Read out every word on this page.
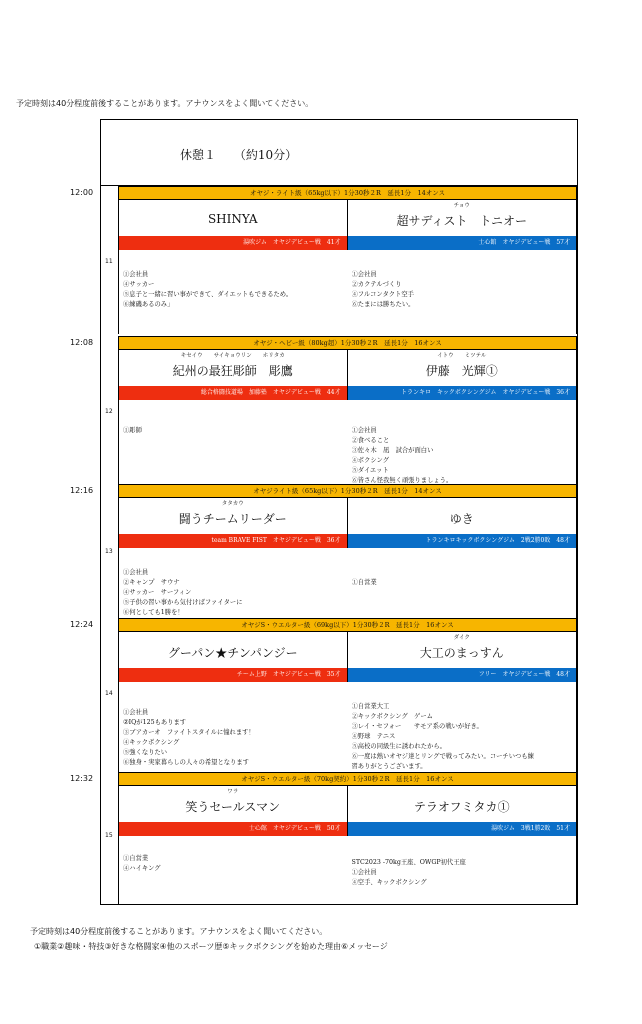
予定時刻は40分程度前後することがあります。アナウンスをよく聞いてください。
休憩１ （約10分）
12:00
11
オヤジ・ライト級（65kg以下）1分30秒２R　延長1分　14オンス
SHINYA
湯吹ジム　オヤジデビュー戦　41才
①会社員
④サッカー
⑤息子と一緒に習い事ができて、ダイエットもできるため。
⑥練磯あるのみ」
チョウ
超サディスト　トニオー
士心館　オヤジデビュー戦　57才
①会社員
②カクテルづくり
④フルコンタクト空手
⑥たまには勝ちたい。
12:08
12
オヤジ・ヘビー級（80kg超）1分30秒２R　延長1分　16オンス
キセイウ　　サイキョウリン　　ホリタカ
紀州の最狂彫師　彫鷹
総合格闘技道場　加藤塾　オヤジデビュー戦　44才
①彫師
イトウ　　ミツテル
伊藤　光輝①
トランキロ　キックボクシングジム　オヤジデビュー戦　36才
①会社員
②食べること
③佐々木　凪　試合が面白い
④ボクシング
⑤ダイエット
⑥皆さん怪我無く頑張りましょう。
12:16
13
オヤジライト級（65kg以下）1分30秒２R　延長1分　14オンス
タタカウ
闘うチームリーダー
team BRAVE FIST　オヤジデビュー戦　36才
①会社員
②キャンプ　サウナ
④サッカー　サーフィン
⑤子供の習い事から気付けばファイターに
⑥何としても1勝を！
ゆき
トランキロキックボクシングジム　2戦2勝0敗　48才
①自営業
12:24
14
オヤジS・ウエルター級（69kg以下）1分30秒２R　延長1分　16オンス
グーパン★チンパンジー
チーム上野　オヤジデビュー戦　35才
①会社員
②IQが125もあります
③ブアカーオ　ファイトスタイルに憧れます！
④キックボクシング
⑤強くなりたい
⑥独身・実家暮らしの人々の希望となります
ダイク
大工のまっすん
フリー　オヤジデビュー戦　48才
①自営業大工
②キックボクシング　ゲーム
③レイ・セフォー　　サモア系の戦いが好き。
④野球　テニス
⑤高校の同級生に誘われたから。
⑥一度は熱いオヤジ達とリングで戦ってみたい。コーチいつも練
習ありがとうございます。
12:32
15
オヤジS・ウエルター級（70kg契約）1分30秒２R　延長1分　16オンス
ワラ
笑うセールスマン
士心館　オヤジデビュー戦　50才
①自営業
④ハイキング
テラオフミタカ①
湯吹ジム　3戦1勝2敗　51才
STC2023 -70kg王座、OWGP初代王座
①会社員
④空手、キックボクシング
予定時刻は40分程度前後することがあります。アナウンスをよく聞いてください。
①職業②趣味・特技③好きな格闘家④他のスポーツ歴⑤キックボクシングを始めた理由⑥メッセージ
